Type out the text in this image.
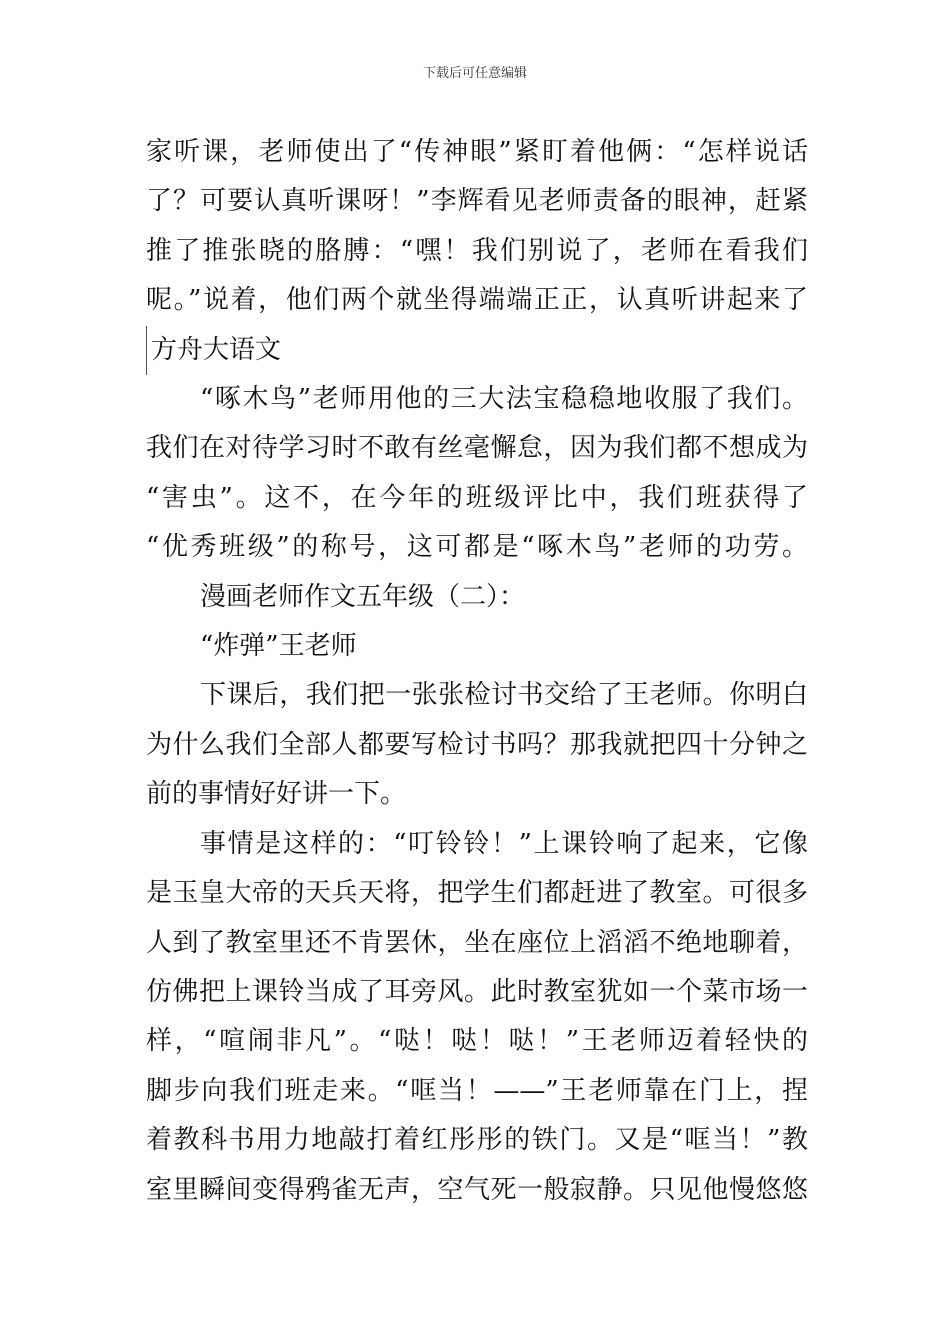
下载后可任意编辑

家听课，老师使出了“传神眼”紧盯着他俩：“怎样说话
了？可要认真听课呀！”李辉看见老师责备的眼神，赶紧
推了推张晓的胳膊：“嘿！我们别说了，老师在看我们
呢。”说着，他们两个就坐得端端正正，认真听讲起来了

方舟大语文

“啄木鸟”老师用他的三大法宝稳稳地收服了我们。
我们在对待学习时不敢有丝毫懈怠，因为我们都不想成为
“害虫”。这不，在今年的班级评比中，我们班获得了
“优秀班级”的称号，这可都是“啄木鸟”老师的功劳。

漫画老师作文五年级（二）：

“炸弹”王老师

下课后，我们把一张张检讨书交给了王老师。你明白
为什么我们全部人都要写检讨书吗？那我就把四十分钟之
前的事情好好讲一下。

事情是这样的：“叮铃铃！”上课铃响了起来，它像
是玉皇大帝的天兵天将，把学生们都赶进了教室。可很多
人到了教室里还不肯罢休，坐在座位上滔滔不绝地聊着，
仿佛把上课铃当成了耳旁风。此时教室犹如一个菜市场一
样，“喧闹非凡”。“哒！哒！哒！”王老师迈着轻快的
脚步向我们班走来。“哐当！——”王老师靠在门上，捏
着教科书用力地敲打着红彤彤的铁门。又是“哐当！”教
室里瞬间变得鸦雀无声，空气死一般寂静。只见他慢悠悠
